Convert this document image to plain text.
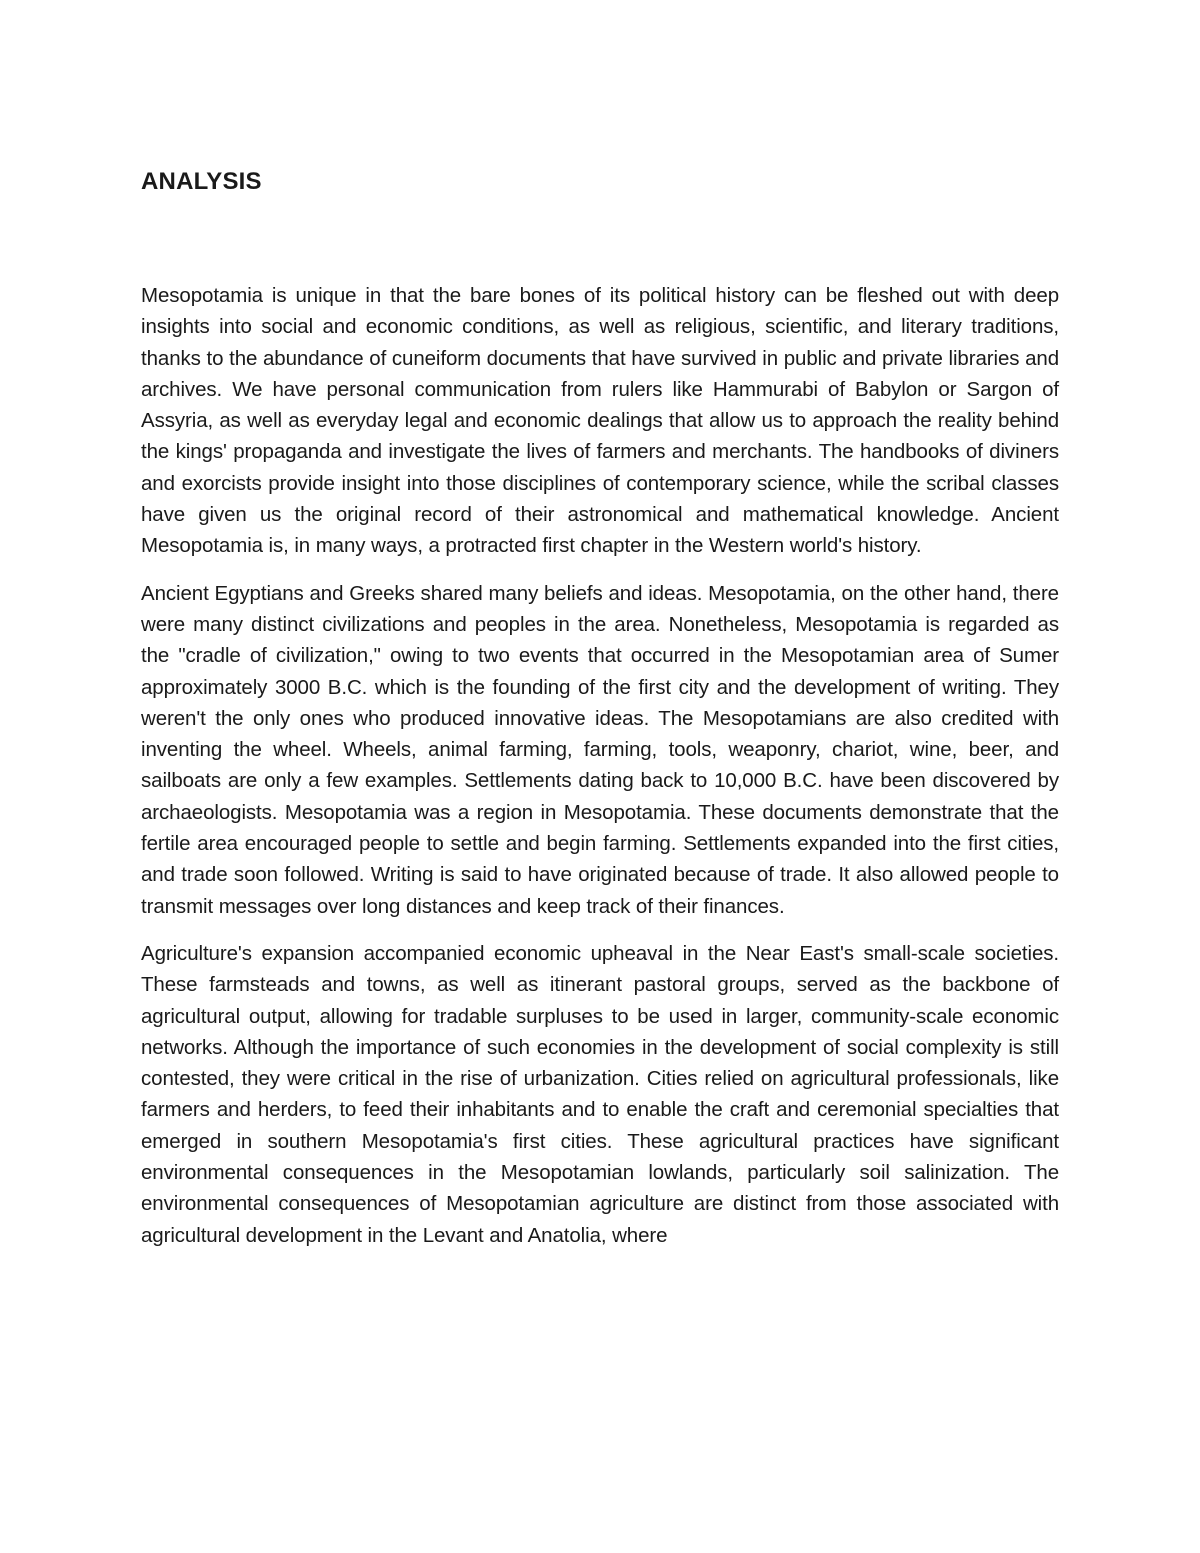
ANALYSIS

Mesopotamia is unique in that the bare bones of its political history can be fleshed out with deep insights into social and economic conditions, as well as religious, scientific, and literary traditions, thanks to the abundance of cuneiform documents that have survived in public and private libraries and archives. We have personal communication from rulers like Hammurabi of Babylon or Sargon of Assyria, as well as everyday legal and economic dealings that allow us to approach the reality behind the kings' propaganda and investigate the lives of farmers and merchants. The handbooks of diviners and exorcists provide insight into those disciplines of contemporary science, while the scribal classes have given us the original record of their astronomical and mathematical knowledge. Ancient Mesopotamia is, in many ways, a protracted first chapter in the Western world's history.

Ancient Egyptians and Greeks shared many beliefs and ideas. Mesopotamia, on the other hand, there were many distinct civilizations and peoples in the area. Nonetheless, Mesopotamia is regarded as the "cradle of civilization," owing to two events that occurred in the Mesopotamian area of Sumer approximately 3000 B.C. which is the founding of the first city and the development of writing. They weren't the only ones who produced innovative ideas. The Mesopotamians are also credited with inventing the wheel. Wheels, animal farming, farming, tools, weaponry, chariot, wine, beer, and sailboats are only a few examples. Settlements dating back to 10,000 B.C. have been discovered by archaeologists. Mesopotamia was a region in Mesopotamia. These documents demonstrate that the fertile area encouraged people to settle and begin farming. Settlements expanded into the first cities, and trade soon followed. Writing is said to have originated because of trade. It also allowed people to transmit messages over long distances and keep track of their finances.

Agriculture's expansion accompanied economic upheaval in the Near East's small-scale societies. These farmsteads and towns, as well as itinerant pastoral groups, served as the backbone of agricultural output, allowing for tradable surpluses to be used in larger, community-scale economic networks. Although the importance of such economies in the development of social complexity is still contested, they were critical in the rise of urbanization. Cities relied on agricultural professionals, like farmers and herders, to feed their inhabitants and to enable the craft and ceremonial specialties that emerged in southern Mesopotamia's first cities. These agricultural practices have significant environmental consequences in the Mesopotamian lowlands, particularly soil salinization. The environmental consequences of Mesopotamian agriculture are distinct from those associated with agricultural development in the Levant and Anatolia, where
